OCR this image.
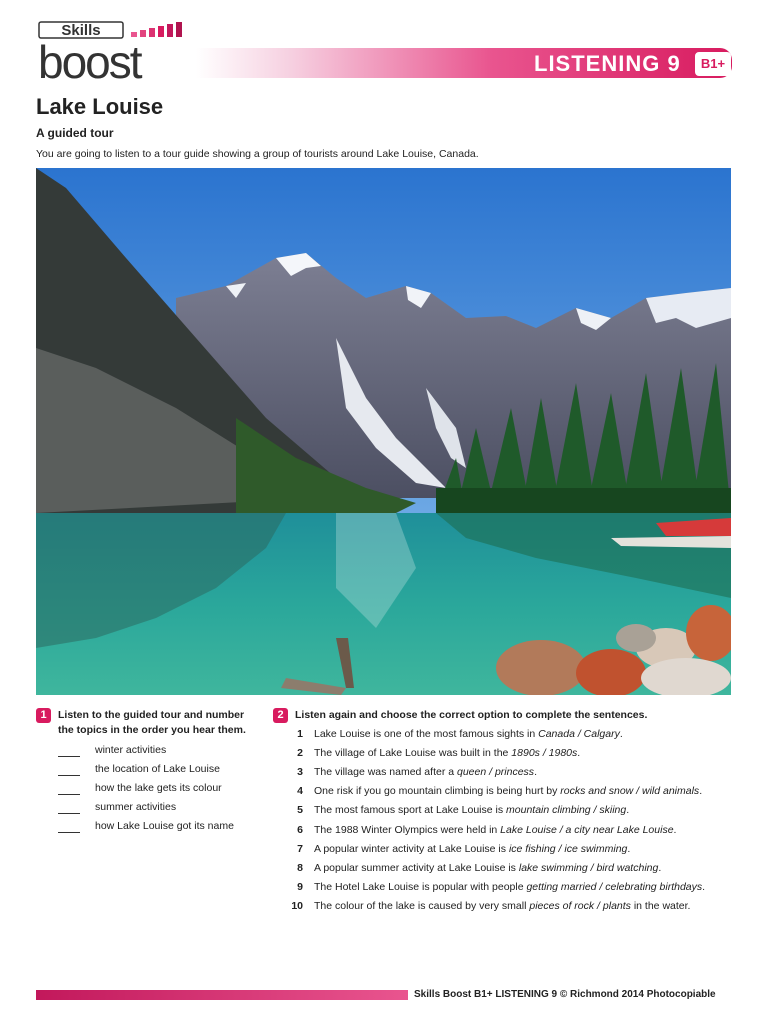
Skills
boost	LISTENING 9	B1+
Lake Louise
A guided tour

You are going to listen to a tour guide showing a group of tourists around Lake Louise, Canada.

1	Listen to the guided tour and number the topics in the order you hear them.
winter activities
the location of Lake Louise
how the lake gets its colour
summer activities
how Lake Louise got its name
2	Listen again and choose the correct option to complete the sentences.
1 Lake Louise is one of the most famous sights in Canada / Calgary.
2 The village of Lake Louise was built in the 1890s / 1980s.
3 The village was named after a queen / princess.
4 One risk if you go mountain climbing is being hurt by rocks and snow / wild animals.
5 The most famous sport at Lake Louise is mountain climbing / skiing.
6 The 1988 Winter Olympics were held in Lake Louise / a city near Lake Louise.
7 A popular winter activity at Lake Louise is ice fishing / ice swimming.
8 A popular summer activity at Lake Louise is lake swimming / bird watching.
9 The Hotel Lake Louise is popular with people getting married / celebrating birthdays.
10 The colour of the lake is caused by very small pieces of rock / plants in the water.
Skills Boost B1+ LISTENING 9 © Richmond 2014 Photocopiable
